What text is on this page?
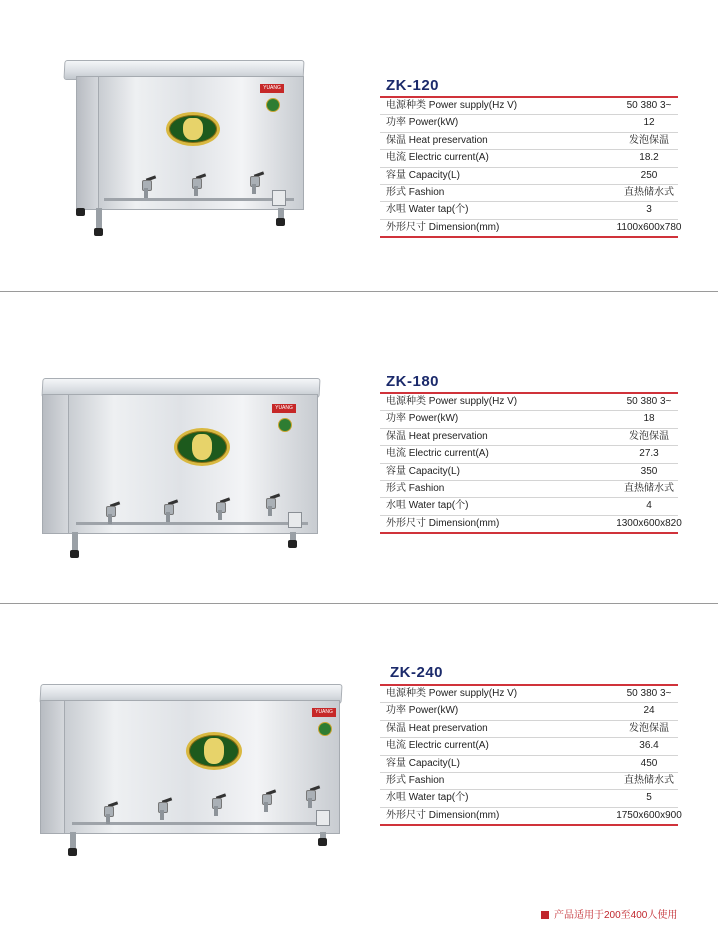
YUANG	ZK-120
电源种类 Power supply(Hz V)	50 380 3~
功率 Power(kW)	12
保温 Heat preservation	发泡保温
电流 Electric current(A)	18.2
容量 Capacity(L)	250
形式 Fashion	直热储水式
水咀 Water tap(个)	3
外形尺寸 Dimension(mm)	1100x600x780
YUANG
ZK-180
电源种类 Power supply(Hz V)	50 380 3~
功率 Power(kW)	18
保温 Heat preservation	发泡保温
电流 Electric current(A)	27.3
容量 Capacity(L)	350
形式 Fashion	直热储水式
水咀 Water tap(个)	4
外形尺寸 Dimension(mm)	1300x600x820
YUANG
ZK-240
电源种类 Power supply(Hz V)	50 380 3~
功率 Power(kW)	24
保温 Heat preservation	发泡保温
电流 Electric current(A)	36.4
容量 Capacity(L)	450
形式 Fashion	直热储水式
水咀 Water tap(个)	5
外形尺寸 Dimension(mm)	1750x600x900
产品适用于200至400人使用
